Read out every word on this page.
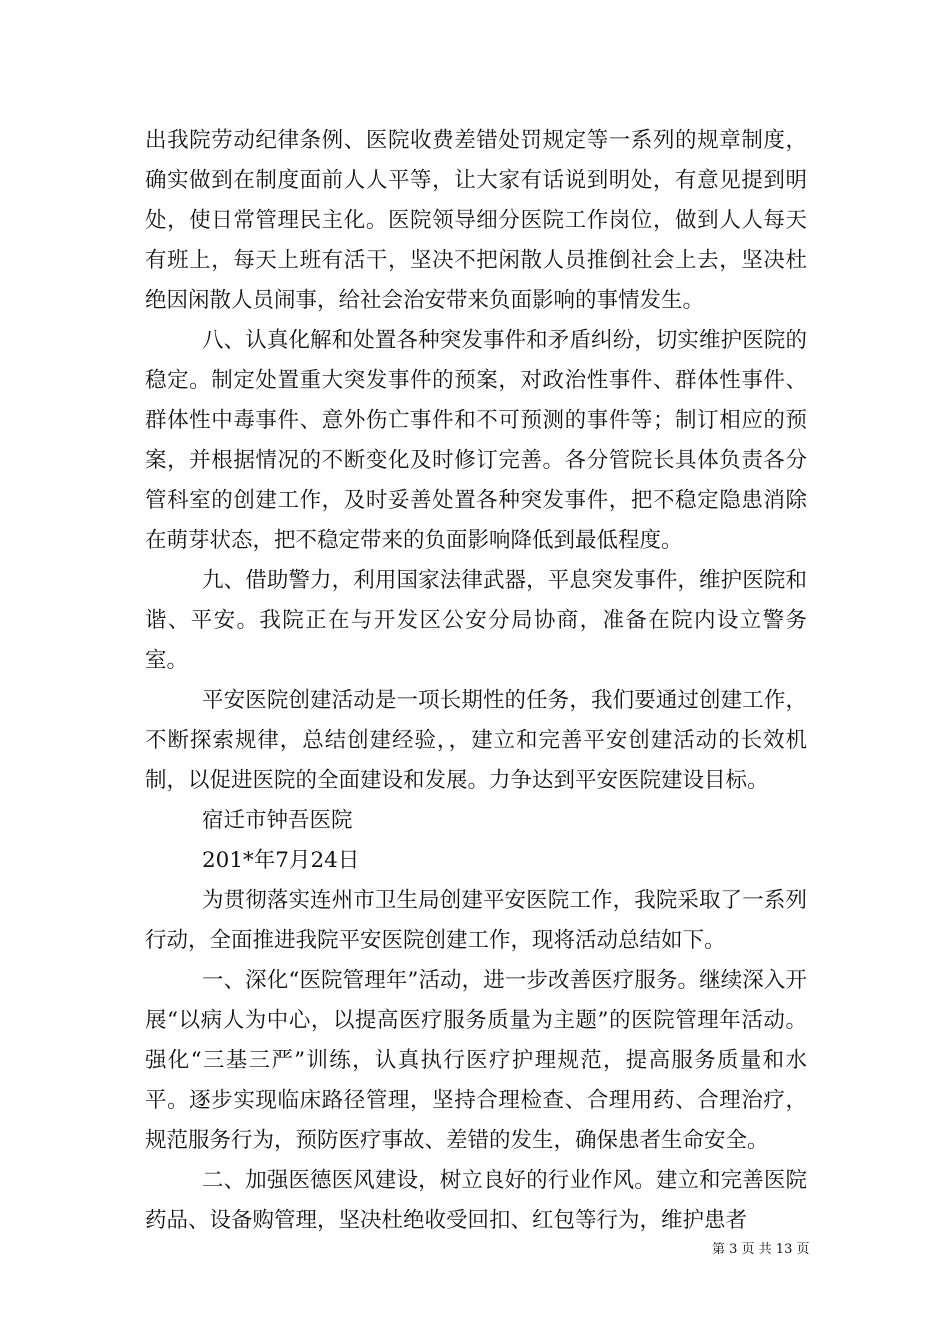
出我院劳动纪律条例、医院收费差错处罚规定等一系列的规章制度，确实做到在制度面前人人平等，让大家有话说到明处，有意见提到明处，使日常管理民主化。医院领导细分医院工作岗位，做到人人每天有班上，每天上班有活干，坚决不把闲散人员推倒社会上去，坚决杜绝因闲散人员闹事，给社会治安带来负面影响的事情发生。

八、认真化解和处置各种突发事件和矛盾纠纷，切实维护医院的稳定。制定处置重大突发事件的预案，对政治性事件、群体性事件、群体性中毒事件、意外伤亡事件和不可预测的事件等；制订相应的预案，并根据情况的不断变化及时修订完善。各分管院长具体负责各分管科室的创建工作，及时妥善处置各种突发事件，把不稳定隐患消除在萌芽状态，把不稳定带来的负面影响降低到最低程度。

九、借助警力，利用国家法律武器，平息突发事件，维护医院和谐、平安。我院正在与开发区公安分局协商，准备在院内设立警务室。

平安医院创建活动是一项长期性的任务，我们要通过创建工作，不断探索规律，总结创建经验，，建立和完善平安创建活动的长效机制，以促进医院的全面建设和发展。力争达到平安医院建设目标。

宿迁市钟吾医院

201*年7月24日

为贯彻落实连州市卫生局创建平安医院工作，我院采取了一系列行动，全面推进我院平安医院创建工作，现将活动总结如下。

一、深化“医院管理年”活动，进一步改善医疗服务。继续深入开展“以病人为中心，以提高医疗服务质量为主题”的医院管理年活动。强化“三基三严”训练，认真执行医疗护理规范，提高服务质量和水平。逐步实现临床路径管理，坚持合理检查、合理用药、合理治疗，规范服务行为，预防医疗事故、差错的发生，确保患者生命安全。

二、加强医德医风建设，树立良好的行业作风。建立和完善医院药品、设备购管理，坚决杜绝收受回扣、红包等行为，维护患者

第 3 页 共 13 页
